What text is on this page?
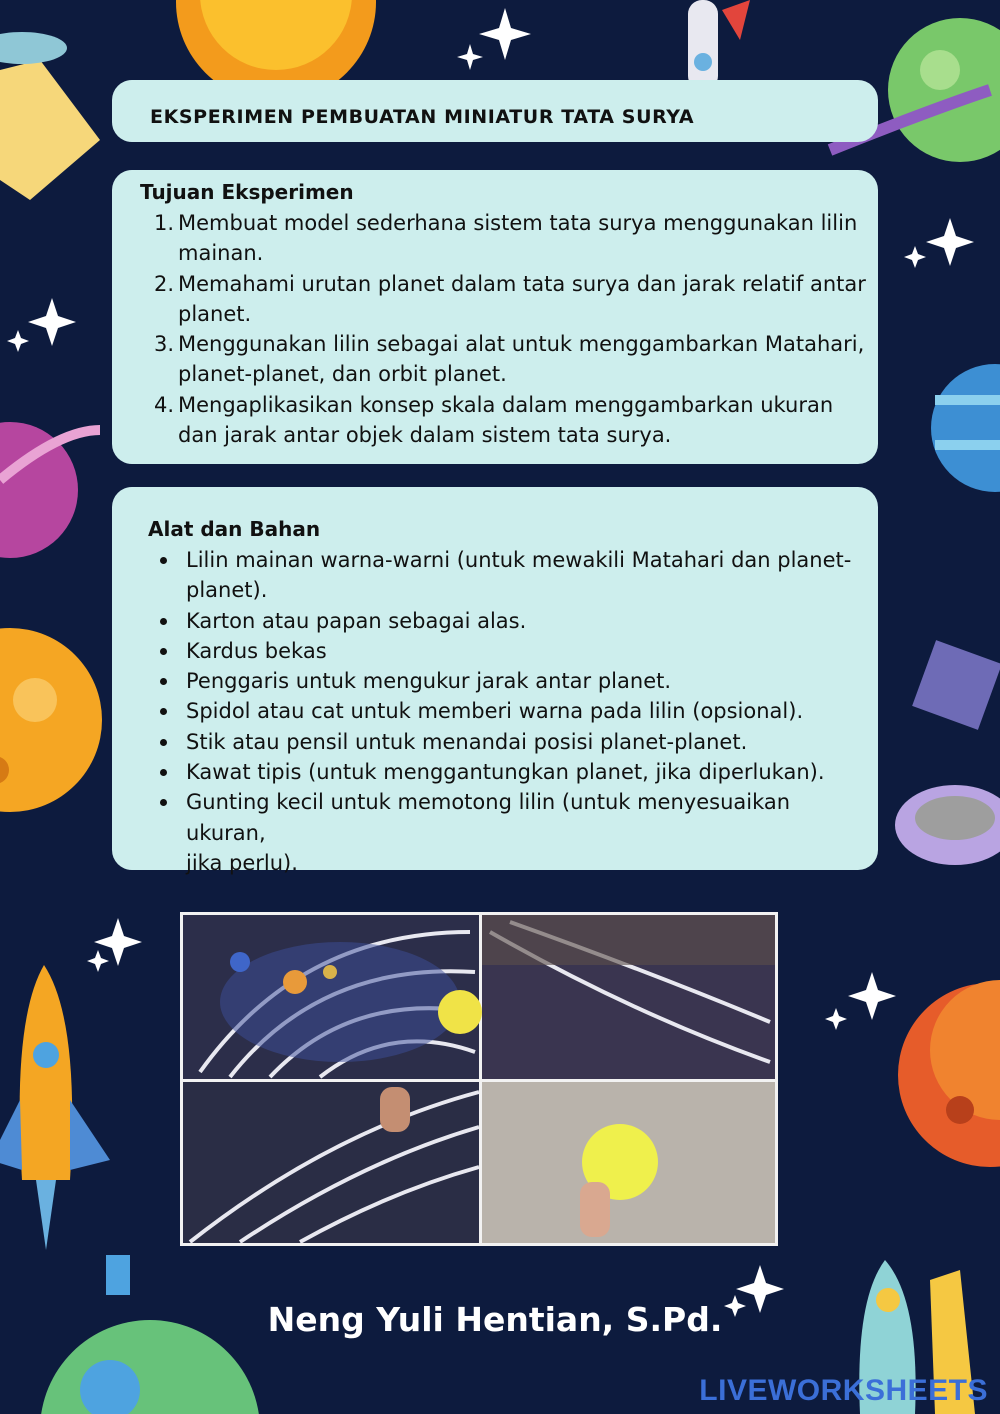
EKSPERIMEN PEMBUATAN MINIATUR TATA SURYA
Tujuan Eksperimen
1. Membuat model sederhana sistem tata surya menggunakan lilin
mainan.
2. Memahami urutan planet dalam tata surya dan jarak relatif antar
planet.
3. Menggunakan lilin sebagai alat untuk menggambarkan Matahari,
planet-planet, dan orbit planet.
4. Mengaplikasikan konsep skala dalam menggambarkan ukuran
dan jarak antar objek dalam sistem tata surya.
Alat dan Bahan
Lilin mainan warna-warni (untuk mewakili Matahari dan planet-
planet).
Karton atau papan sebagai alas.
Kardus bekas
Penggaris untuk mengukur jarak antar planet.
Spidol atau cat untuk memberi warna pada lilin (opsional).
Stik atau pensil untuk menandai posisi planet-planet.
Kawat tipis (untuk menggantungkan planet, jika diperlukan).
Gunting kecil untuk memotong lilin (untuk menyesuaikan ukuran,
jika perlu).
Neng Yuli Hentian, S.Pd.
LIVEWORKSHEETS
